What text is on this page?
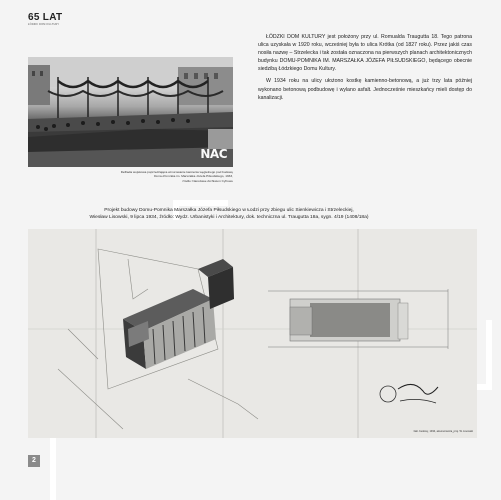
65 LAT
ŁÓDZKI DOM KULTURY
NAC
Defilada wojskowa poprzedzająca wmurowanie kamienia węgielnego pod budowę
Domu-Pomnika im. Marszałka Józefa Piłsudskiego, 1933,
źródło: Narodowe Archiwum Cyfrowe

ŁÓDZKI DOM KULTURY jest położony przy ul. Romualda Traugutta 18. Tego patrona ulica uzyskała w 1920 roku, wcześniej była to ulica Krótka (od 1827 roku). Przez jakiś czas nosiła nazwę – Strzelecka i tak została oznaczona na pierwszych planach architektonicznych budynku DOMU-POMNIKA IM. MARSZAŁKA JÓZEFA PIŁSUDSKIEGO, będącego obecnie siedzibą Łódzkiego Domu Kultury.

W 1934 roku na ulicy ułożono kostkę kamienno-betonową, a już trzy lata później wykonano betonową podbudowę i wylano asfalt. Jednocześnie mieszkańcy mieli dostęp do kanalizacji.

Projekt budowy Domu-Pomnika Marszałka Józefa Piłsudskiego w Łodzi przy zbiegu ulic Sienkiewicza i Strzeleckiej,
Wiesław Lisowski, 9 lipca 1934, źródło: Wydz. Urbanistyki i Architektury, dok. techniczna ul. Traugutta 18a, sygn. 4/19 (1408/18a)
fakt. budowy, 1934, aksonometria_proj. W. Lisowski
2
